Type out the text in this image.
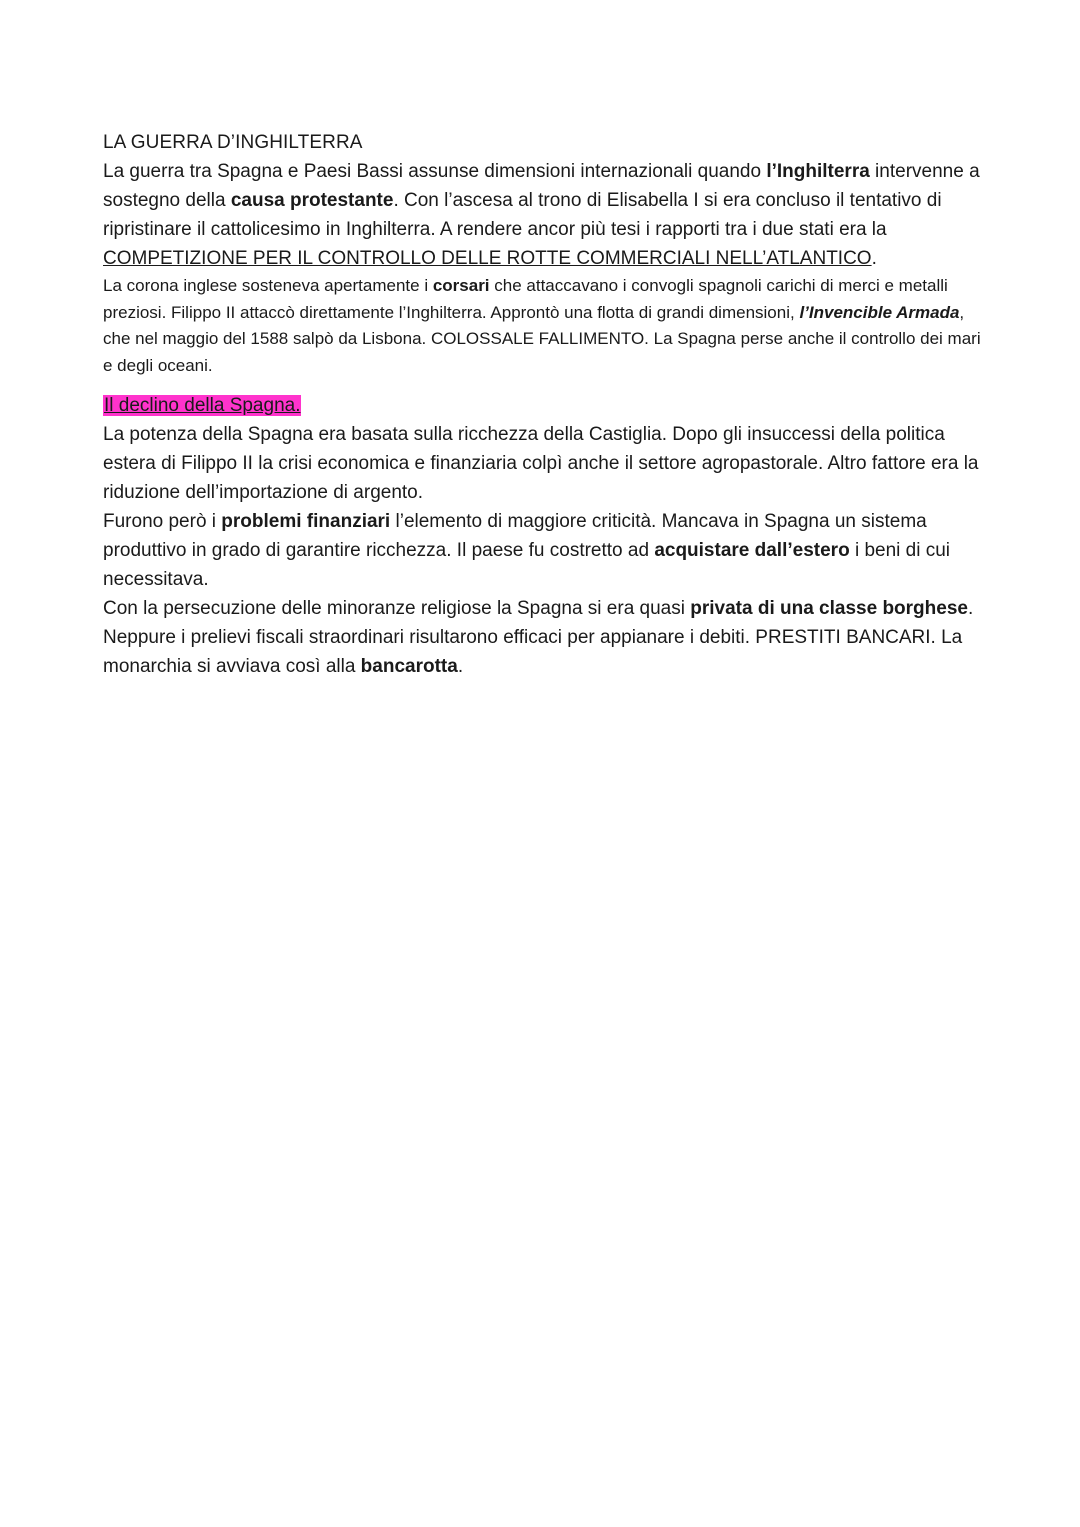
LA GUERRA D’INGHILTERRA

La guerra tra Spagna e Paesi Bassi assunse dimensioni internazionali quando l’Inghilterra intervenne a sostegno della causa protestante. Con l’ascesa al trono di Elisabella I si era concluso il tentativo di ripristinare il cattolicesimo in Inghilterra. A rendere ancor più tesi i rapporti tra i due stati era la COMPETIZIONE PER IL CONTROLLO DELLE ROTTE COMMERCIALI NELL’ATLANTICO.

La corona inglese sosteneva apertamente i corsari che attaccavano i convogli spagnoli carichi di merci e metalli preziosi. Filippo II attaccò direttamente l’Inghilterra. Approntò una flotta di grandi dimensioni, l’Invencible Armada, che nel maggio del 1588 salpò da Lisbona. COLOSSALE FALLIMENTO. La Spagna perse anche il controllo dei mari e degli oceani.

Il declino della Spagna.

La potenza della Spagna era basata sulla ricchezza della Castiglia. Dopo gli insuccessi della politica estera di Filippo II la crisi economica e finanziaria colpì anche il settore agropastorale. Altro fattore era la riduzione dell’importazione di argento.

Furono però i problemi finanziari l’elemento di maggiore criticità. Mancava in Spagna un sistema produttivo in grado di garantire ricchezza. Il paese fu costretto ad acquistare dall’estero i beni di cui necessitava.

Con la persecuzione delle minoranze religiose la Spagna si era quasi privata di una classe borghese. Neppure i prelievi fiscali straordinari risultarono efficaci per appianare i debiti. PRESTITI BANCARI. La monarchia si avviava così alla bancarotta.
